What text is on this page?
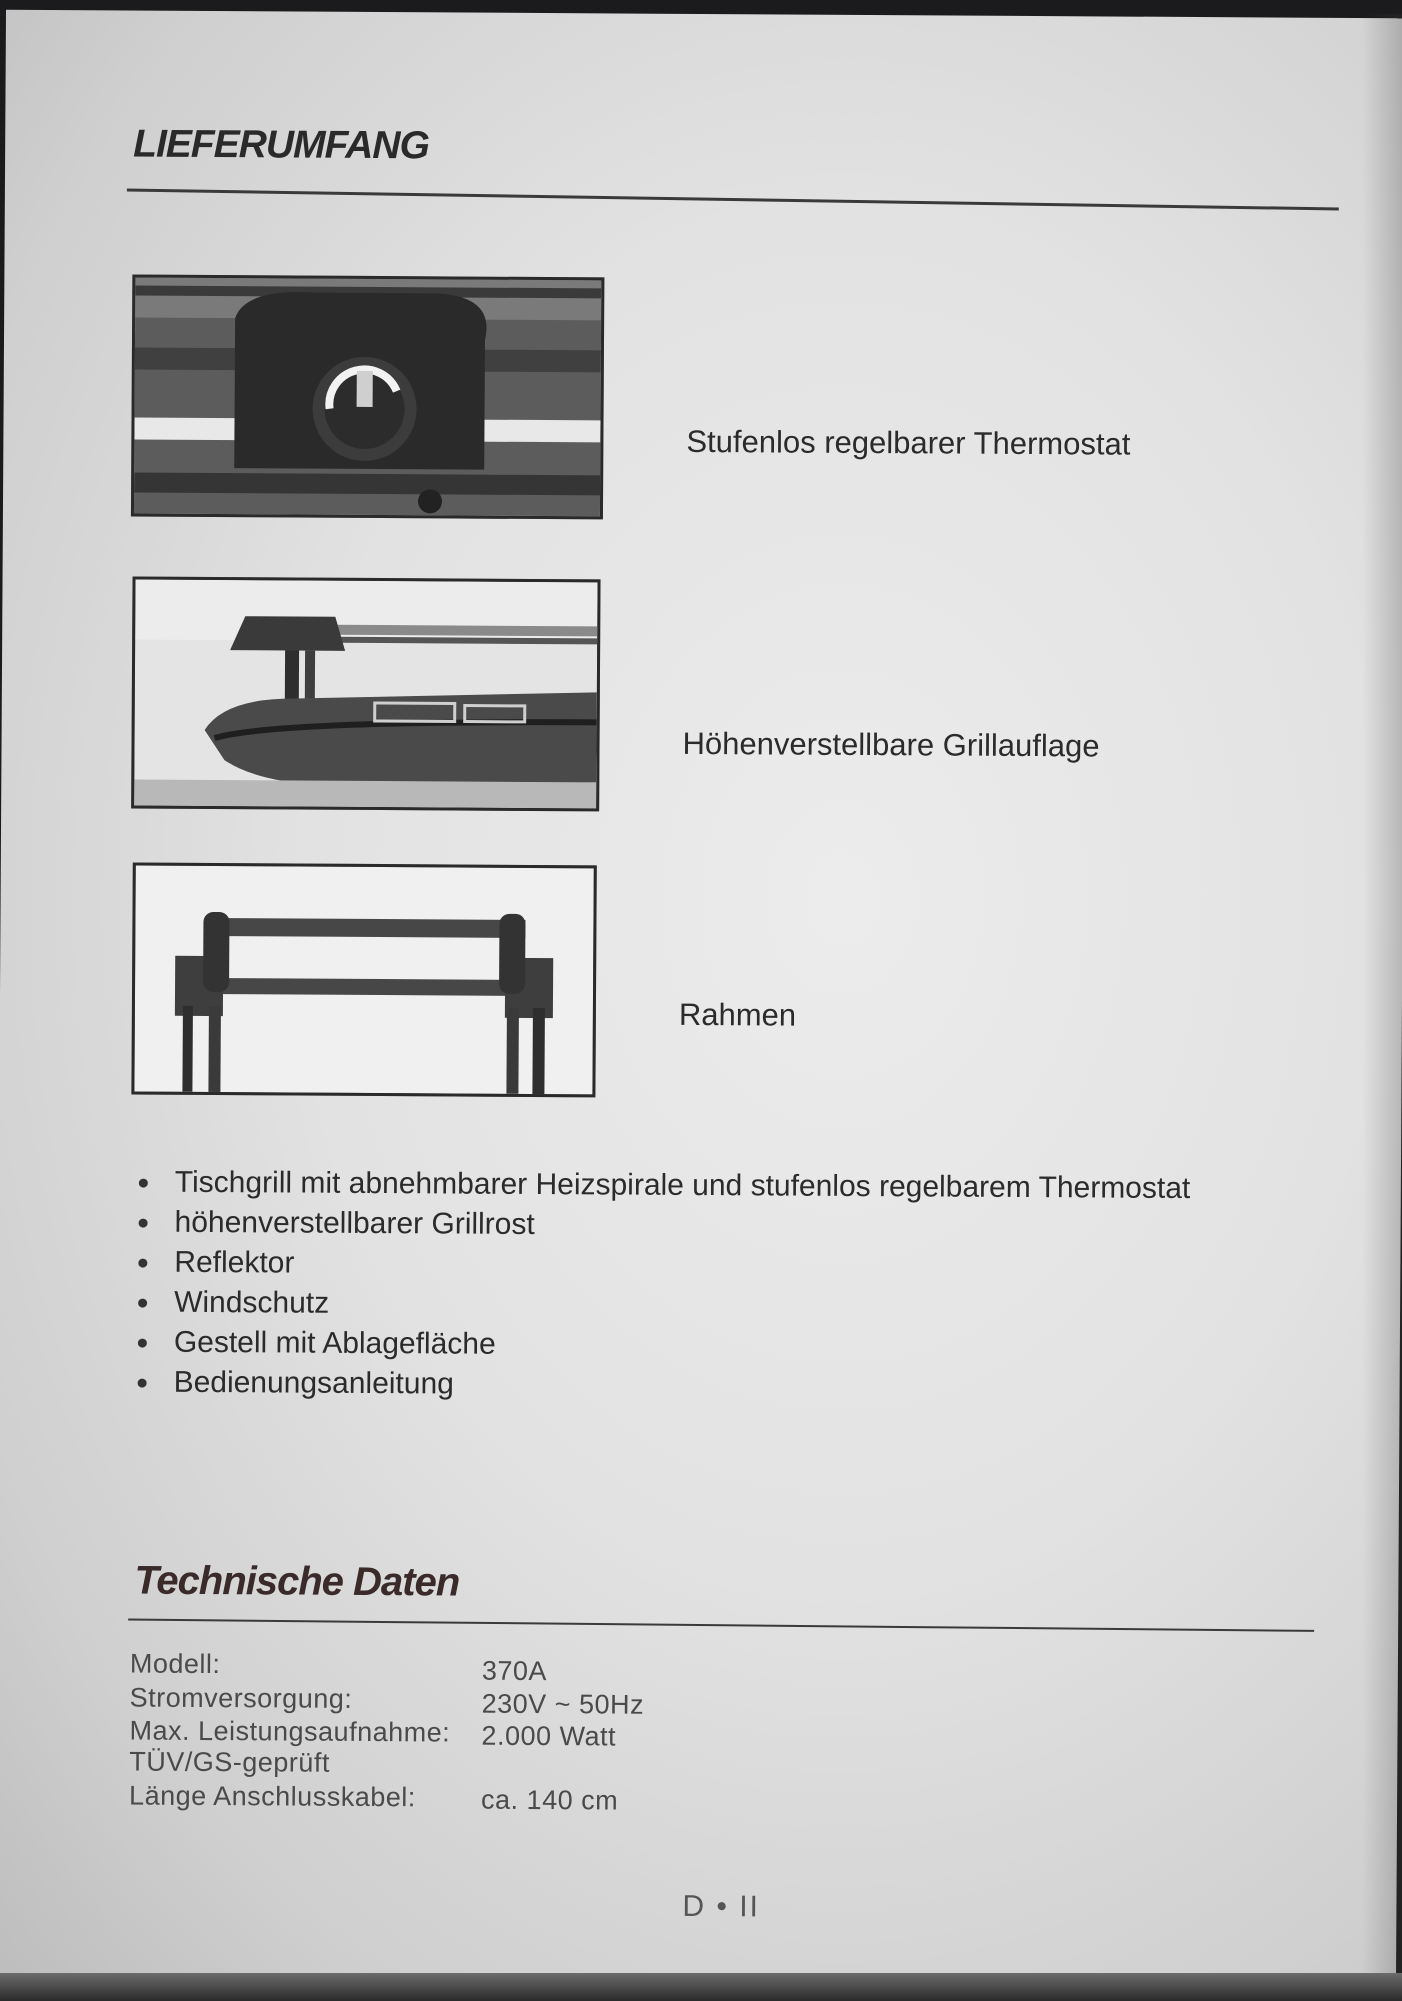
LIEFERUMFANG
Stufenlos regelbarer Thermostat
Höhenverstellbare Grillauflage
Rahmen
Tischgrill mit abnehmbarer Heizspirale und stufenlos regelbarem Thermostat
höhenverstellbarer Grillrost
Reflektor
Windschutz
Gestell mit Ablagefläche
Bedienungsanleitung
Technische Daten
Modell:	370A
Stromversorgung:	230V ~ 50Hz
Max. Leistungsaufnahme: 2.000 Watt
TÜV/GS-geprüft
Länge Anschlusskabel: ca. 140 cm
D • II
